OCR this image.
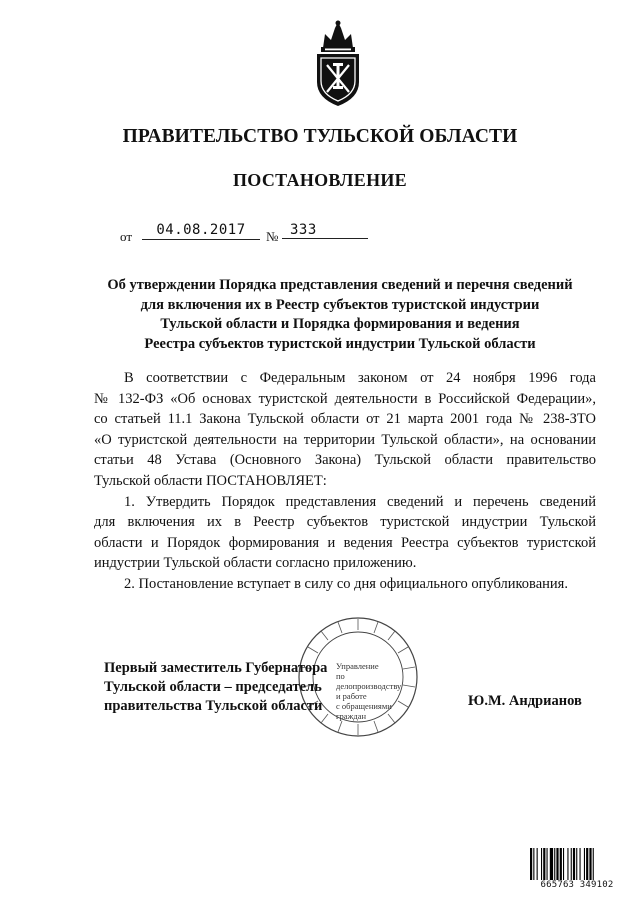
ПРАВИТЕЛЬСТВО ТУЛЬСКОЙ ОБЛАСТИ
ПОСТАНОВЛЕНИЕ
от	04.08.2017	№ 333
Об утверждении Порядка представления сведений и перечня сведений
для включения их в Реестр субъектов туристской индустрии
Тульской области и Порядка формирования и ведения
Реестра субъектов туристской индустрии Тульской области

В соответствии с Федеральным законом от 24 ноября 1996 года
№ 132-ФЗ «Об основах туристской деятельности в Российской Федерации»,
со статьей 11.1 Закона Тульской области от 21 марта 2001 года № 238-ЗТО
«О туристской деятельности на территории Тульской области», на основании
статьи 48 Устава (Основного Закона) Тульской области правительство
Тульской области ПОСТАНОВЛЯЕТ:

1. Утвердить Порядок представления сведений и перечень сведений
для включения их в Реестр субъектов туристской индустрии Тульской
области и Порядок формирования и ведения Реестра субъектов туристской
индустрии Тульской области согласно приложению.

2. Постановление вступает в силу со дня официального опубликования.

Управление
по делопроизводству
и работе
с обращениями
граждан
Первый заместитель Губернатора
Тульской области – председатель
правительства Тульской области	Ю.М. Андрианов
665763 349102
